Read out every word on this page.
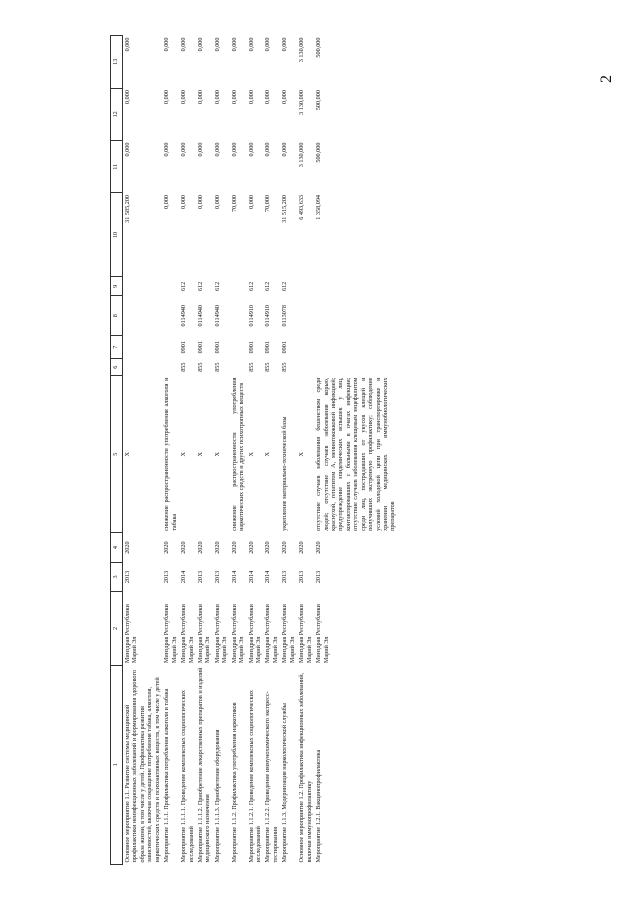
2
1	2	3	4	5	6	7	8	9	10	11	12	13
Основное мероприятие 1.1. Развитие системы медицинской профилактики неинфекционных заболеваний и формирования здорового образа жизни, в том числе у детей. Профилактика развития зависимостей, включая сокращение потребления табака, алкоголя, наркотических средств и психоактивных веществ, в том числе у детей	Минздрав Республики Марий Эл	2013	2020	X					31 585,200	0,000	0,000	0,000
Мероприятие 1.1.1. Профилактика потребления алкоголя и табака	Минздрав Республики Марий Эл	2013	2020	снижение распространенности употребления алкоголя и табака					0,000	0,000	0,000	0,000
Мероприятие 1.1.1.1. Проведение комплексных социологических исследований	Минздрав Республики Марий Эл	2014	2020	X	855	0901	0114940	612	0,000	0,000	0,000	0,000
Мероприятие 1.1.1.2. Приобретение лекарственных препаратов и изделий медицинского назначения	Минздрав Республики Марий Эл	2013	2020	X	855	0901	0114940	612	0,000	0,000	0,000	0,000
Мероприятие 1.1.1.3. Приобретение оборудования	Минздрав Республики Марий Эл	2013	2020	X	855	0901	0114940	612	0,000	0,000	0,000	0,000
Мероприятие 1.1.2. Профилактика употребления наркотиков	Минздрав Республики Марий Эл	2014	2020	снижение распространенности употребления наркотических средств и других психотропных веществ					70,000	0,000	0,000	0,000
Мероприятие 1.1.2.1. Проведение комплексных социологических исследований	Минздрав Республики Марий Эл	2014	2020	X	855	0901	0114910	612	0,000	0,000	0,000	0,000
Мероприятие 1.1.2.2. Проведение иммунохимического экспресс-тестирования	Минздрав Республики Марий Эл	2014	2020	X	855	0901	0114910	612	70,000	0,000	0,000	0,000
Мероприятие 1.1.3. Модернизация наркологической службы	Минздрав Республики Марий Эл	2013	2020	укрепление материально-технической базы	855	0901	0113078	612	31 515,200	0,000	0,000	0,000
Основное мероприятие 1.2. Профилактика инфекционных заболеваний, включая иммунопрофилактику	Минздрав Республики Марий Эл	2013	2020	X					6 493,633	3 130,000	3 130,000	3 130,000
Мероприятие 1.2.1. Вакцинопрофилактика	Минздрав Республики Марий Эл	2013	2020	отсутствие случаев заболевания бешенством среди людей; отсутствие случаев заболевания корью, краснухой, гепатитом А, менингококковой инфекцией; предупреждение эпидемических вспышек у лиц, контактировавших с больными в очагах инфекции; отсутствие случаев заболевания клещевым энцефалитом среди лиц, пострадавших от укусов клещей и получивших экстренную профилактику; соблюдение условий холодовой цепи при транспортировке и хранении медицинских иммунобиологических препаратов					1 358,094	500,000	500,000	500,000
